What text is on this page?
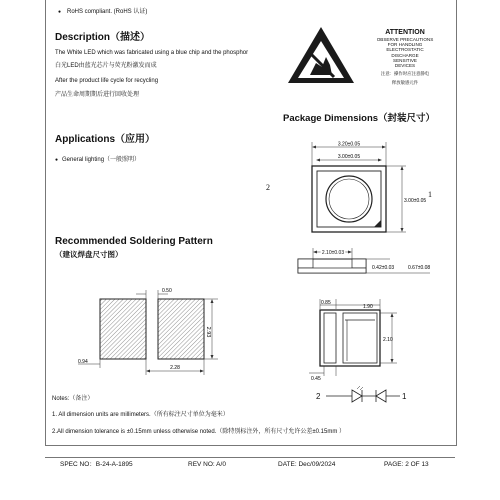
● RoHS compliant. (RoHS 认证)
Description（描述）
The White LED which was fabricated using a blue chip and the phosphor
白光LED由蓝光芯片与荧光粉激发而成
After the product life cycle for recycling
产品生命周期期后进行回收处理
ATTENTION
OBSERVE PRECAUTIONS
FOR HANDLING
ELECTROSTATIC
DISCHARGE
SENSITIVE
DEVICES
注意：操作时应注意静电
释放敏感元件
Package Dimensions（封装尺寸）
Applications（应用）
● General lighting（一般照明）
3.20±0.05
3.00±0.05
3.00±0.05
2
1
2.10±0.03
0.42±0.03	0.67±0.08
Recommended Soldering Pattern
（建议焊盘尺寸图）
0.50
2.93
0.94
2.28
0.85
1.90
2.10
0.45
2	1
Notes:（备注）
1. All dimension units are millimeters.（所有标注尺寸单位为毫米）
2.All dimension tolerance is ±0.15mm unless otherwise noted.（除特别标注外，所有尺寸允许公差±0.15mm ）
SPEC NO：B-24-A-1895	REV NO: A/0	DATE: Dec/09/2024	PAGE: 2 OF 13
